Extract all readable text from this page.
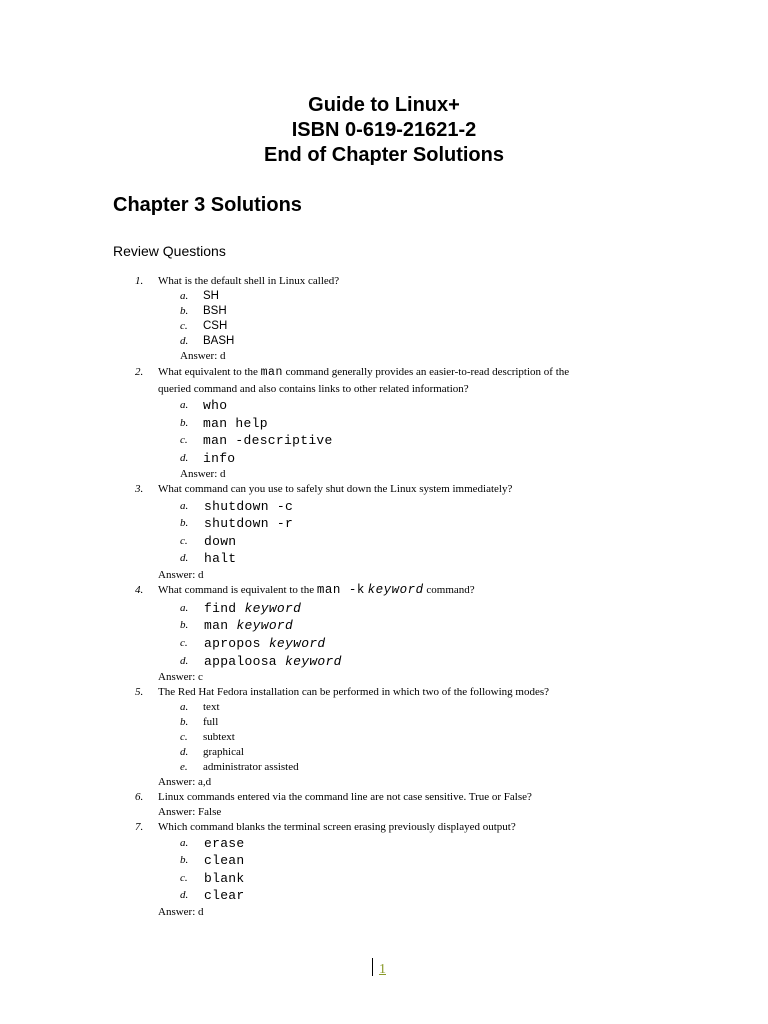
Guide to Linux+
ISBN 0-619-21621-2
End of Chapter Solutions
Chapter 3 Solutions
Review Questions
1. What is the default shell in Linux called?
a. SH
b. BSH
c. CSH
d. BASH
Answer: d
2. What equivalent to the man command generally provides an easier-to-read description of the
queried command and also contains links to other related information?
a. who
b. man help
c. man -descriptive
d. info
Answer: d
3. What command can you use to safely shut down the Linux system immediately?
a. shutdown -c
b. shutdown -r
c. down
d. halt
Answer: d
4. What command is equivalent to the man -k keyword command?
a. find keyword
b. man keyword
c. apropos keyword
d. appaloosa keyword
Answer: c
5. The Red Hat Fedora installation can be performed in which two of the following modes?
a. text
b. full
c. subtext
d. graphical
e. administrator assisted
Answer: a,d
6. Linux commands entered via the command line are not case sensitive. True or False?
Answer: False
7. Which command blanks the terminal screen erasing previously displayed output?
a. erase
b. clean
c. blank
d. clear
Answer: d
1
